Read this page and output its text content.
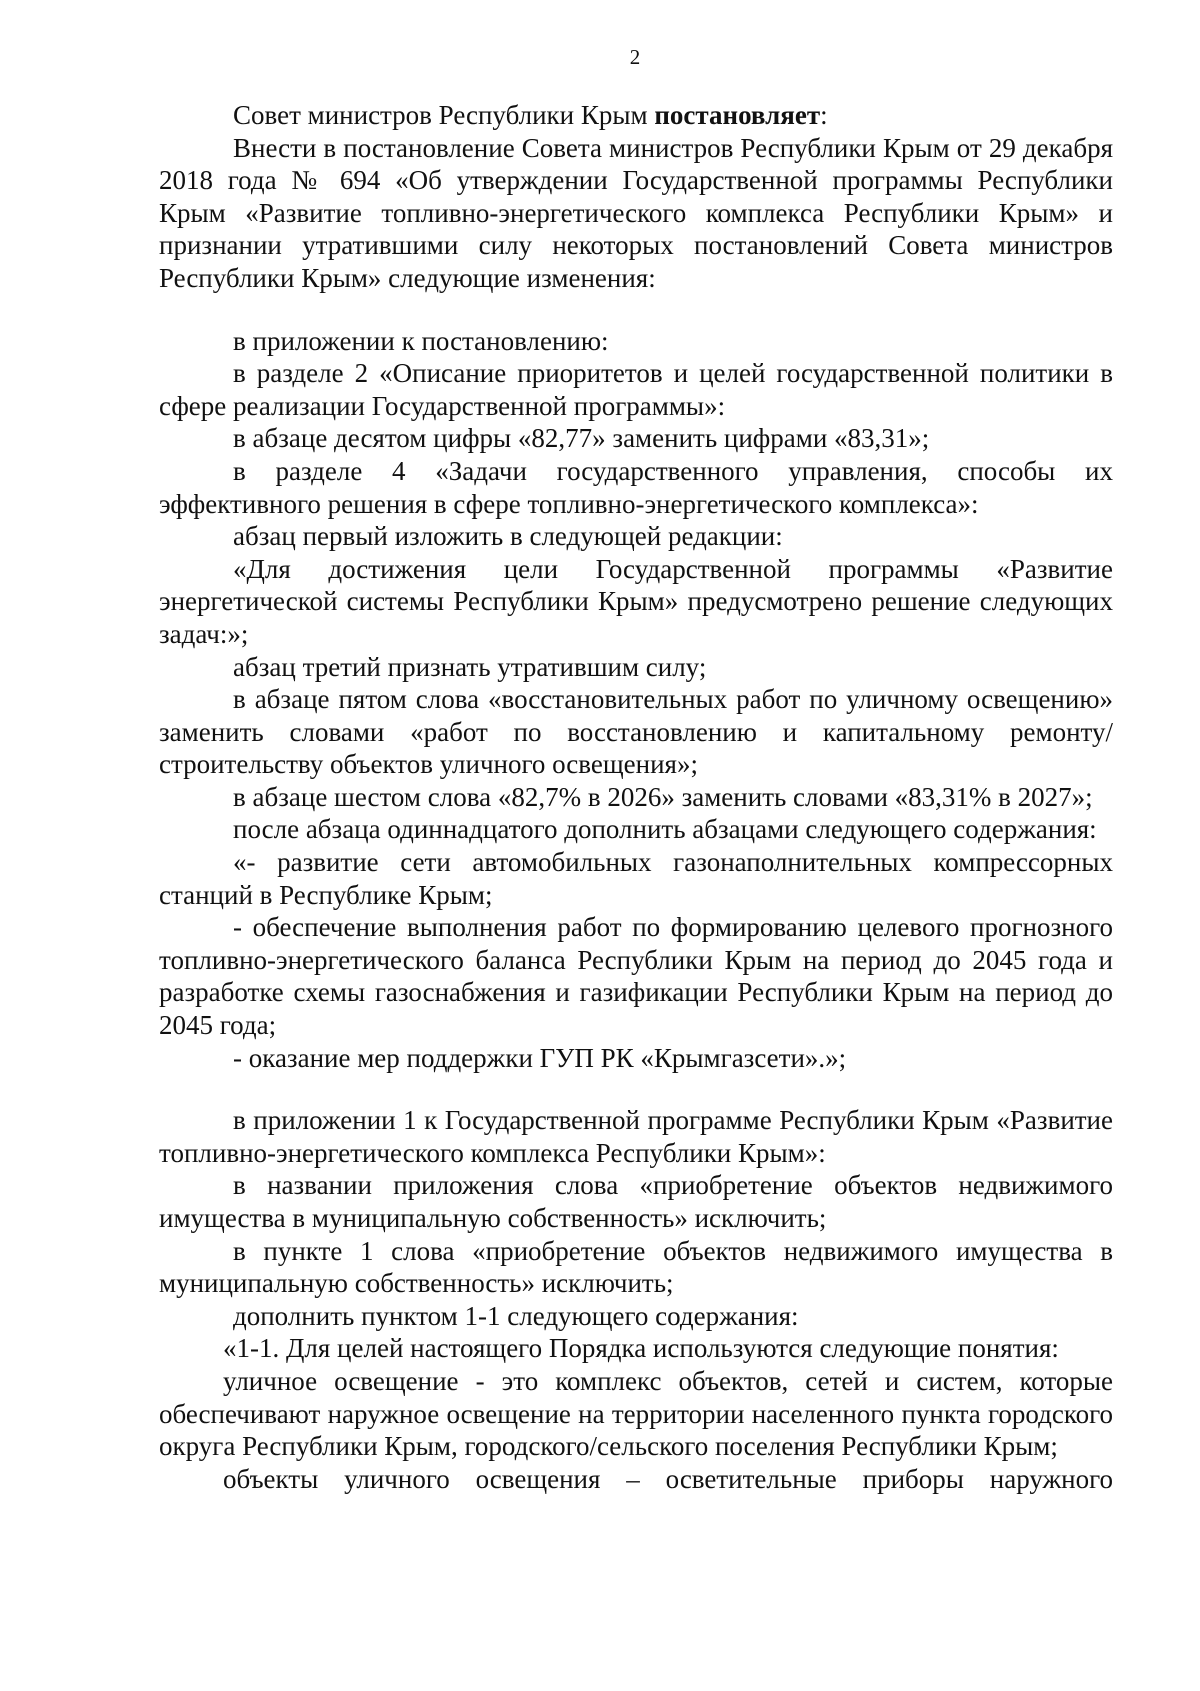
2

Совет министров Республики Крым постановляет:

Внести в постановление Совета министров Республики Крым от 29 декабря 2018 года № 694 «Об утверждении Государственной программы Республики Крым «Развитие топливно-энергетического комплекса Республики Крым» и признании утратившими силу некоторых постановлений Совета министров Республики Крым» следующие изменения:

в приложении к постановлению:

в разделе 2 «Описание приоритетов и целей государственной политики в сфере реализации Государственной программы»:

в абзаце десятом цифры «82,77» заменить цифрами «83,31»;

в разделе 4 «Задачи государственного управления, способы их эффективного решения в сфере топливно-энергетического комплекса»:

абзац первый изложить в следующей редакции:

«Для достижения цели Государственной программы «Развитие энергетической системы Республики Крым» предусмотрено решение следующих задач:»;

абзац третий признать утратившим силу;

в абзаце пятом слова «восстановительных работ по уличному освещению» заменить словами «работ по восстановлению и капитальному ремонту/строительству объектов уличного освещения»;

в абзаце шестом слова «82,7% в 2026» заменить словами «83,31% в 2027»;

после абзаца одиннадцатого дополнить абзацами следующего содержания:

«- развитие сети автомобильных газонаполнительных компрессорных станций в Республике Крым;

- обеспечение выполнения работ по формированию целевого прогнозного топливно-энергетического баланса Республики Крым на период до 2045 года и разработке схемы газоснабжения и газификации Республики Крым на период до 2045 года;

- оказание мер поддержки ГУП РК «Крымгазсети».»;

в приложении 1 к Государственной программе Республики Крым «Развитие топливно-энергетического комплекса Республики Крым»:

в названии приложения слова «приобретение объектов недвижимого имущества в муниципальную собственность» исключить;

в пункте 1 слова «приобретение объектов недвижимого имущества в муниципальную собственность» исключить;

дополнить пунктом 1-1 следующего содержания:

«1-1. Для целей настоящего Порядка используются следующие понятия:

уличное освещение - это комплекс объектов, сетей и систем, которые обеспечивают наружное освещение на территории населенного пункта городского округа Республики Крым, городского/сельского поселения Республики Крым;

объекты уличного освещения – осветительные приборы наружного
